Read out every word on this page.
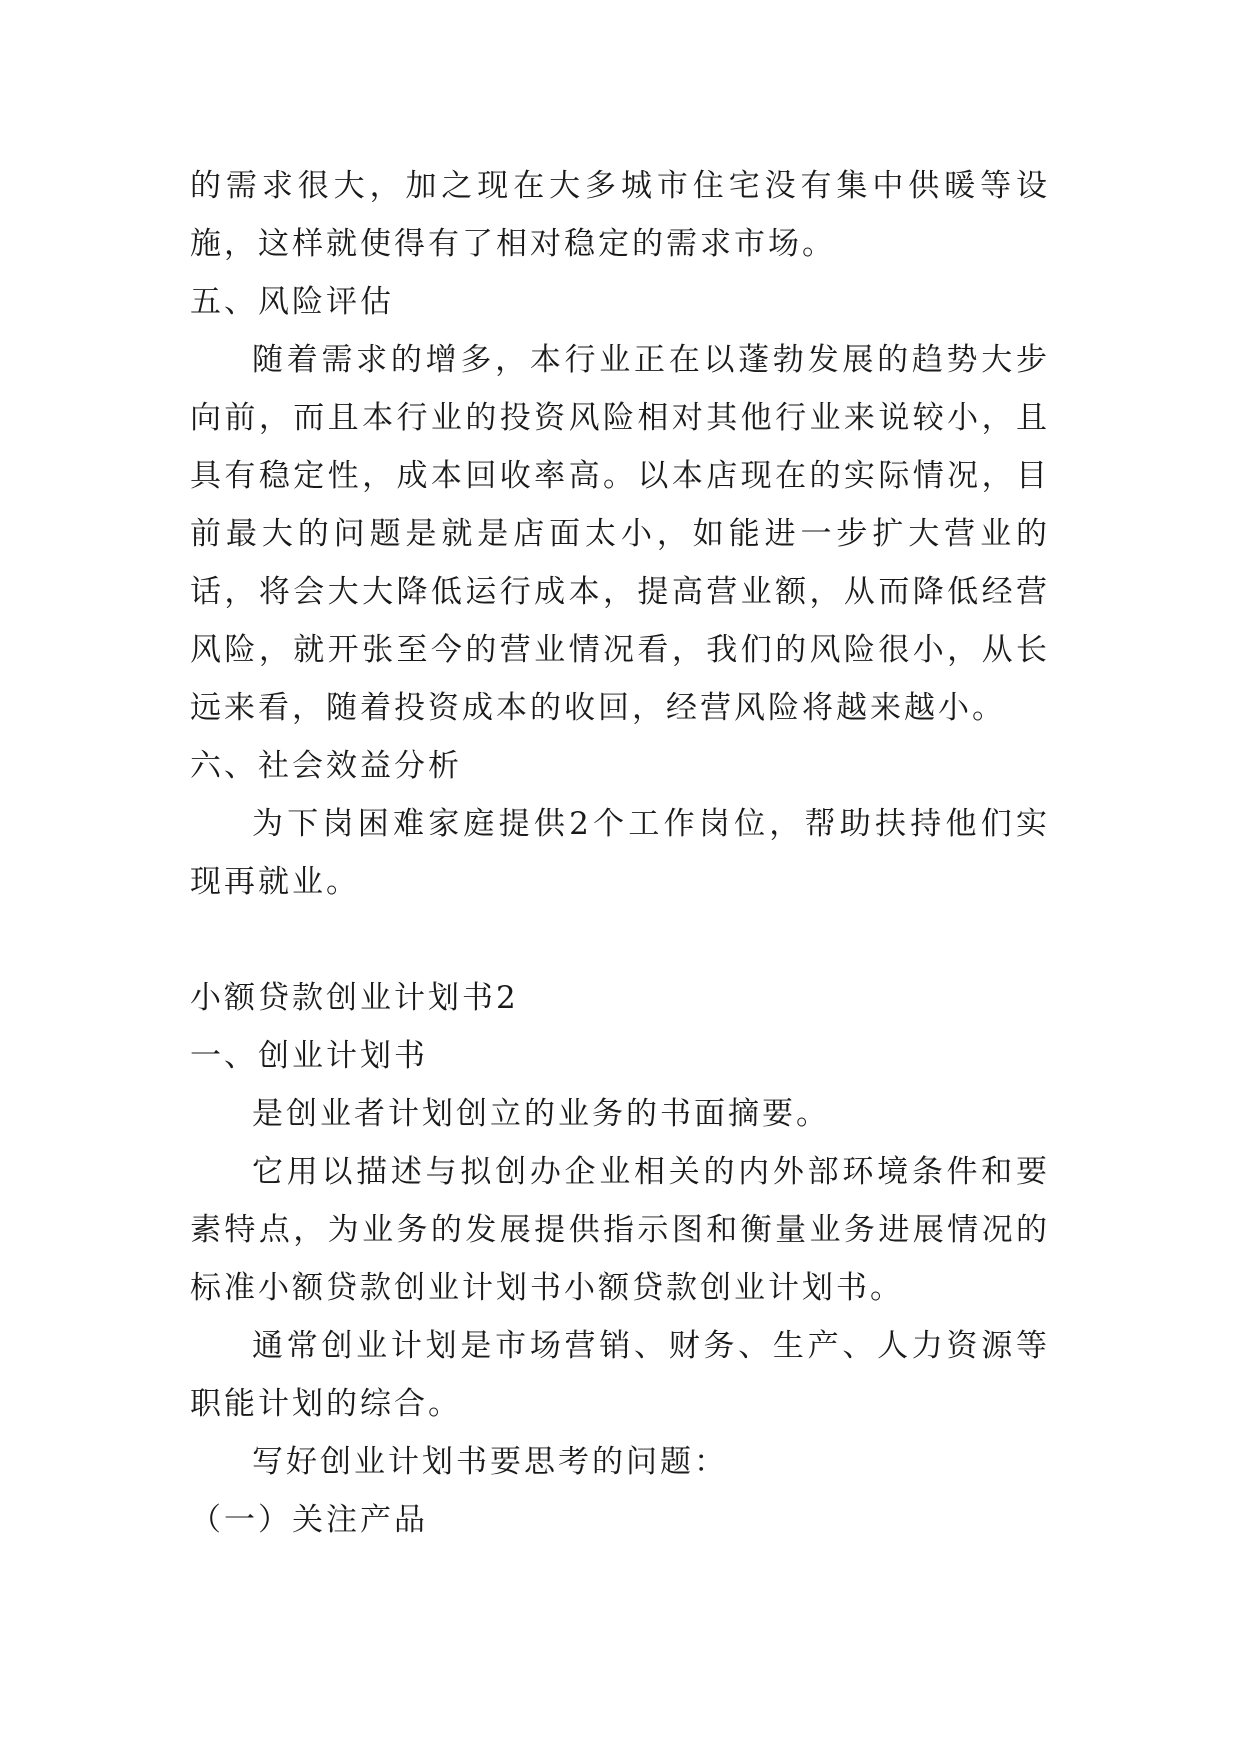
的需求很大，加之现在大多城市住宅没有集中供暖等设施，这样就使得有了相对稳定的需求市场。

五、风险评估

随着需求的增多，本行业正在以蓬勃发展的趋势大步向前，而且本行业的投资风险相对其他行业来说较小，且具有稳定性，成本回收率高。以本店现在的实际情况，目前最大的问题是就是店面太小，如能进一步扩大营业的话，将会大大降低运行成本，提高营业额，从而降低经营风险，就开张至今的营业情况看，我们的风险很小，从长远来看，随着投资成本的收回，经营风险将越来越小。

六、社会效益分析

为下岗困难家庭提供2个工作岗位，帮助扶持他们实现再就业。

小额贷款创业计划书2

一、创业计划书

是创业者计划创立的业务的书面摘要。

它用以描述与拟创办企业相关的内外部环境条件和要素特点，为业务的发展提供指示图和衡量业务进展情况的标准小额贷款创业计划书小额贷款创业计划书。

通常创业计划是市场营销、财务、生产、人力资源等职能计划的综合。

写好创业计划书要思考的问题：

（一）关注产品
